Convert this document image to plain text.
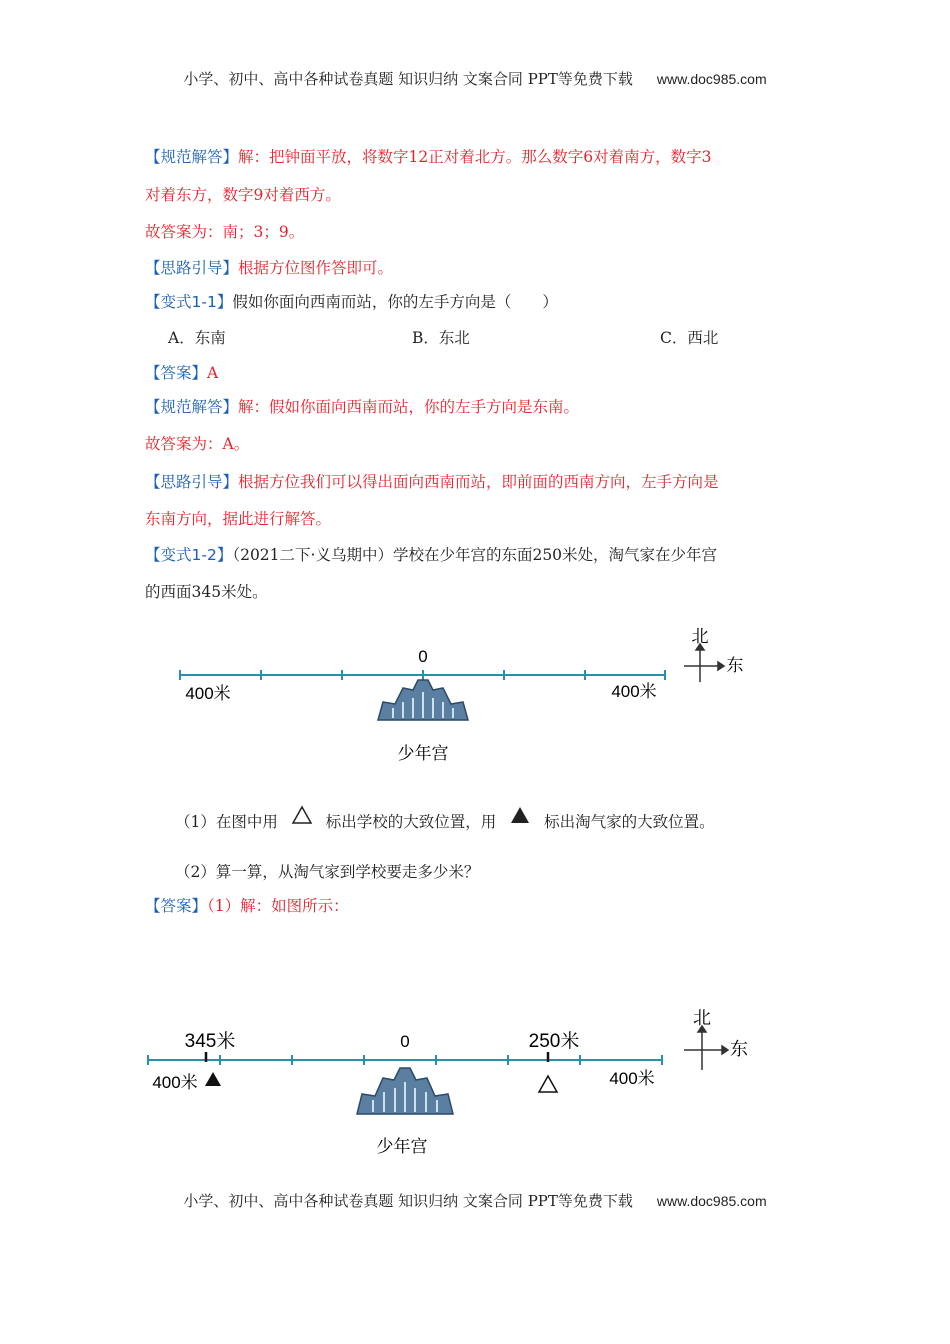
小学、初中、高中各种试卷真题 知识归纳 文案合同 PPT等免费下载 www.doc985.com
【规范解答】解：把钟面平放，将数字12正对着北方。那么数字6对着南方，数字3
对着东方，数字9对着西方。
故答案为：南；3；9。
【思路引导】根据方位图作答即可。
【变式1-1】假如你面向西南而站，你的左手方向是（　　）
A．东南	B．东北	C．西北
【答案】A
【规范解答】解：假如你面向西南而站，你的左手方向是东南。
故答案为：A。
【思路引导】根据方位我们可以得出面向西南而站，即前面的西南方向，左手方向是
东南方向，据此进行解答。
【变式1-2】（2021二下·义乌期中）学校在少年宫的东面250米处，淘气家在少年宫
的西面345米处。
0
400米	400米
少年宫
北
东
（1）在图中用	标出学校的大致位置，用	标出淘气家的大致位置。
（2）算一算，从淘气家到学校要走多少米？
【答案】（1）解：如图所示：
345米	0	250米
400米	400米
少年宫
北
东
小学、初中、高中各种试卷真题 知识归纳 文案合同 PPT等免费下载 www.doc985.com
